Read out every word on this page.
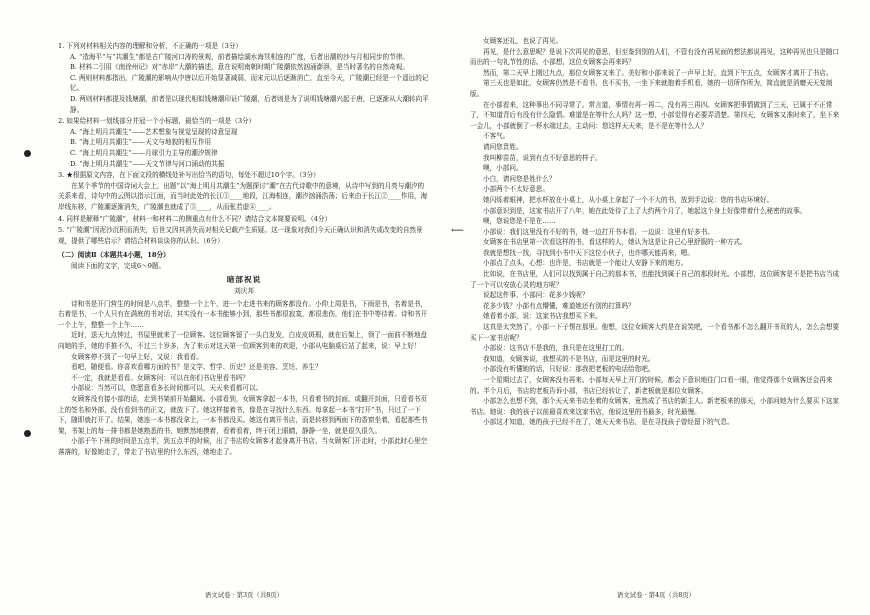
1. 下列对材料相关内容的理解和分析，不正确的一项是（3分）

A. “造海平”与“共潮生”都是古广陵河口涛的景观，前者描绘湖水海冥相连的广度，后者出潮的沙与月相同步的节律。

B. 材料二引用《南徐州记》对“赤岸”大潮的描述，意在说明南朝时期广陵潮依然汹涌澎湃，是当时著名的自然奇观。

C. 两则材料都指出，广陵潮的影响从中唐以后开始显著减弱，而宋元以后逐渐消亡，直至今天，广陵潮已经是一个遥远的记忆。

D. 两则材料都提及钱塘潮，前者是以现代相似钱塘潮印证广陵潮，后者则是为了说明钱塘潮兴起于唐，已逐渐从大潮转向平静。

2. 如果给材料一划线部分并冠一个小标题，最恰当的一项是（3分）

A. “海上明月共潮生”——艺术想象与视觉呈现的诗意呈现

B. “海上明月共潮生”——天文与地貌的相互作用

C. “海上明月共潮生”——月球引力主导的潮汐规律

D. “海上明月共潮生”——天文节律与河口涌动的共振

3. ★根据原文内容，在下面文段的横线处补写出恰当的语句，每处不超过10个字。（3分）

在某个季节的中国诗词大会上，出题“以“海上明月共潮生”为题探讨“潮”在古代诗歌中的意境，从诗中写到的月亮与潮汐的关系来看，诗句中的云图以指示江面，而当时此处的长江①____地段，江海相连，潮汐汹涌浩荡；后来由于长江②____作用，海岸线东移，广陵潮逐渐消失，广陵潮也就成了③____，从而张若虚④____。

4. 同样是解释“广陵潮”，材料一和材料二的侧重点有什么不同？请结合文本简要说明。（4分）

5. “广陵潮”因泥沙沉积而消失，后世又因其消失而对相关记载产生质疑。这一现象对我们今天正确认识和消失或改变的自然景观，提供了哪些启示？请结合材料谈谈你的认识。（6分）

（二）阅读Ⅱ（本题共4小题，18分）

阅读下面的文字，完成6～9题。

暗部祝说

刘庆邦

诗和书是开门营生的时间是八点半，整整一个上午，进一个走进书来的顾客都没有。小仰上周是书，下雨是书，名着是书，右着是书，一个人只有在满庭的书对话，其实没有一本书能够小到，那些书都很寂寞，都很悲伤，他们在书中等待着。诗和书开一个上午，整整一个上午……

近时，送天九点钟过，书屋里就来了一位顾客。这位顾客留了一头白发发，白皮皮斑瑕，就在后架上，领了一面前不断地盘向她的手，她的手推不久，不过三十岁多，为了来示对这天第一位顾客到来的欢迎，小部从电脑桌后站了起来，说：早上好！

女顾客停不到了一句早上好，又说：我看看。

看吧，随便看。你喜欢看哪方面的书？是文学、哲学、历史？还是美容、烹饪、养生？

不一定，我就是看看。女顾客问：可以在你们书店里看书吗？

小部说：当然可以，您愿意看多长时间都可以，天天来看都可以。

女顾客没有接小部的话，走到书架前开始翻阅。小部看到，女顾客拿起一本书，只看着书的封面，或翻开封面，只看看书页上的签名和外部，没有看到书的正文，就放下了。她这样接着书，像是在寻找什么东西。每拿起一本书“打开”书，只过了一下下，随即就打开了。结果，她连一本书都没拿上，一本书都没买。她这有离开书店，而是转移到两面下的香窗坐着，看起那些书架，书架上的每一排书都是她熟悉的书，她默然地摸着，看着看着，终于闭上眼睛，静静一坐，就是很久很久。

小部于午下班的时间是五点半，到五点半的时候，出了书店的女顾客才起身离开书店，当女顾客门开走时，小部此时心里空落落的，好像她走了，带走了书店里的什么东西，她地走了。

语文试卷 · 第3页（共8页）

女顾客还礼，也说了再见。

再见，是什么意思呢？是说下次再见的意思，但至鉴到别的人们，不管有没有再见面的想法都说再见，这种再见也只是随口而出的一句礼节性的话。小部想，这位女顾客会再来吗？

然而，第二天早上刚过九点，那位女顾客又来了。美好和小部来说了一声早上好，直到下午五点，女顾客才离开了书店。

第三天也是如此，女顾客仍然是不看书，也不买书，一坐下来就抱着手机看，她的一切所作所为，简直就是消磨天天复制版。

在小部看来，这种事出不同寻常了。常言道，事情有再一再二，没有再三再四。女顾客把事情做到了三天，已属于不正常了，不知道背后有没有什么隐情。难道是在等什么人吗？这一想，小部觉得有必要弄清楚。第四天，女顾客又准时来了，坐下来一会儿，小部就倒了一杯水端过去，主动问：您这样天天来，是不是在等什么人？

不客气。

请问您贵姓。

我叫柳苗苗，说到有点不好意思的样子。

噢，小部问。

小白，请问您是姓什么？

小部两个不太好意思。

她闪烁着眼神，把水杯放在小桌上，从小桌上拿起了一个不大的书，放到手边说：您的书店环境好。

小部意识到是，这家书店开了八年，她在此处待了上了大约两个月了，她起这个身上好像带着什么秘密的故事。

噢，您说您是不是在……

小部说：我们这里没有不好的书，她一边打开书本看，一边说：这里有好多书。

女顾客在书店里第一次看这样的书，看这样的人，她认为这是让自己心里舒服的一种方式。

我就是想找一找，寻找到小书中天下这位小伙子，也许哪天能再来，嗯。

小部点了点头，心想：也许是，书店就是一个能让人安静下来的地方。

比如说，在书店里，人们可以找到属于自己的那本书，也能找到属于自己的那段时光。小部想，这位顾客是不是把书店当成了一个可以安放心灵的地方呢？

说起这件事，小部问：花多少钱呢？

花多少钱？小部有点懵懂，难道她还有别的打算吗？

她看着小部，说：这家书店我想买下来。

这真是太突然了，小部一下子愣在那里。他想，这位女顾客大约是在说笑吧，一个看书都不怎么翻开书页的人，怎么会想要买下一家书店呢？

小部说：这书店不是我的，我只是在这里打工的。

我知道，女顾客说，我想买的不是书店，而是这里的时光。

小部没有听懂她的话，只好说：那我把老板的电话给您吧。

一个星期过去了，女顾客没有再来。小部每天早上开门的时候，都会下意识地往门口看一眼，他觉得那个女顾客还会再来的。半个月后，书店的老板告诉小部，书店已经转让了，新老板就是那位女顾客。

小部怎么也想不到，那个天天来书店坐着的女顾客，竟然成了书店的新主人。新老板来的那天，小部问她为什么要买下这家书店。她说：我的孩子以前最喜欢来这家书店，他说这里的书最多，时光最慢。

小部这才知道，她的孩子已经不在了，她天天来书店，是在寻找孩子曾经留下的气息。

语文试卷 · 第4页（共8页）
⟵
